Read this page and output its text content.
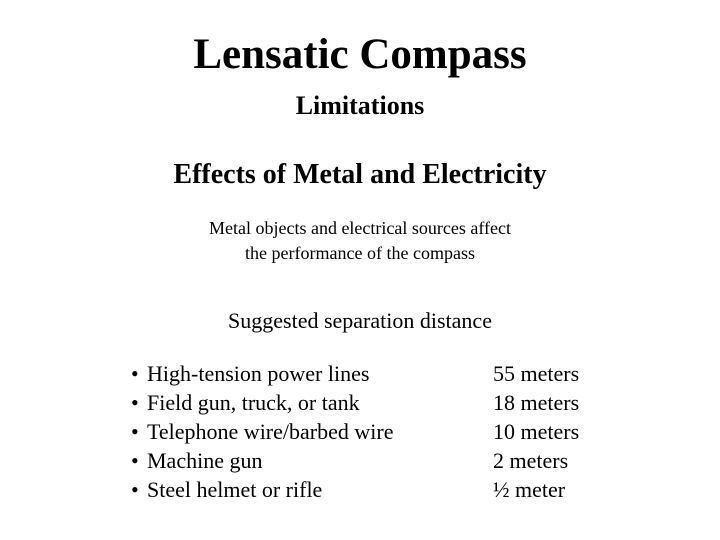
Lensatic Compass
Limitations
Effects of Metal and Electricity
Metal objects and electrical sources affect
the performance of the compass
Suggested separation distance
• High-tension power lines	55 meters
• Field gun, truck, or tank	18 meters
• Telephone wire/barbed wire	10 meters
• Machine gun	2 meters
• Steel helmet or rifle	½ meter
